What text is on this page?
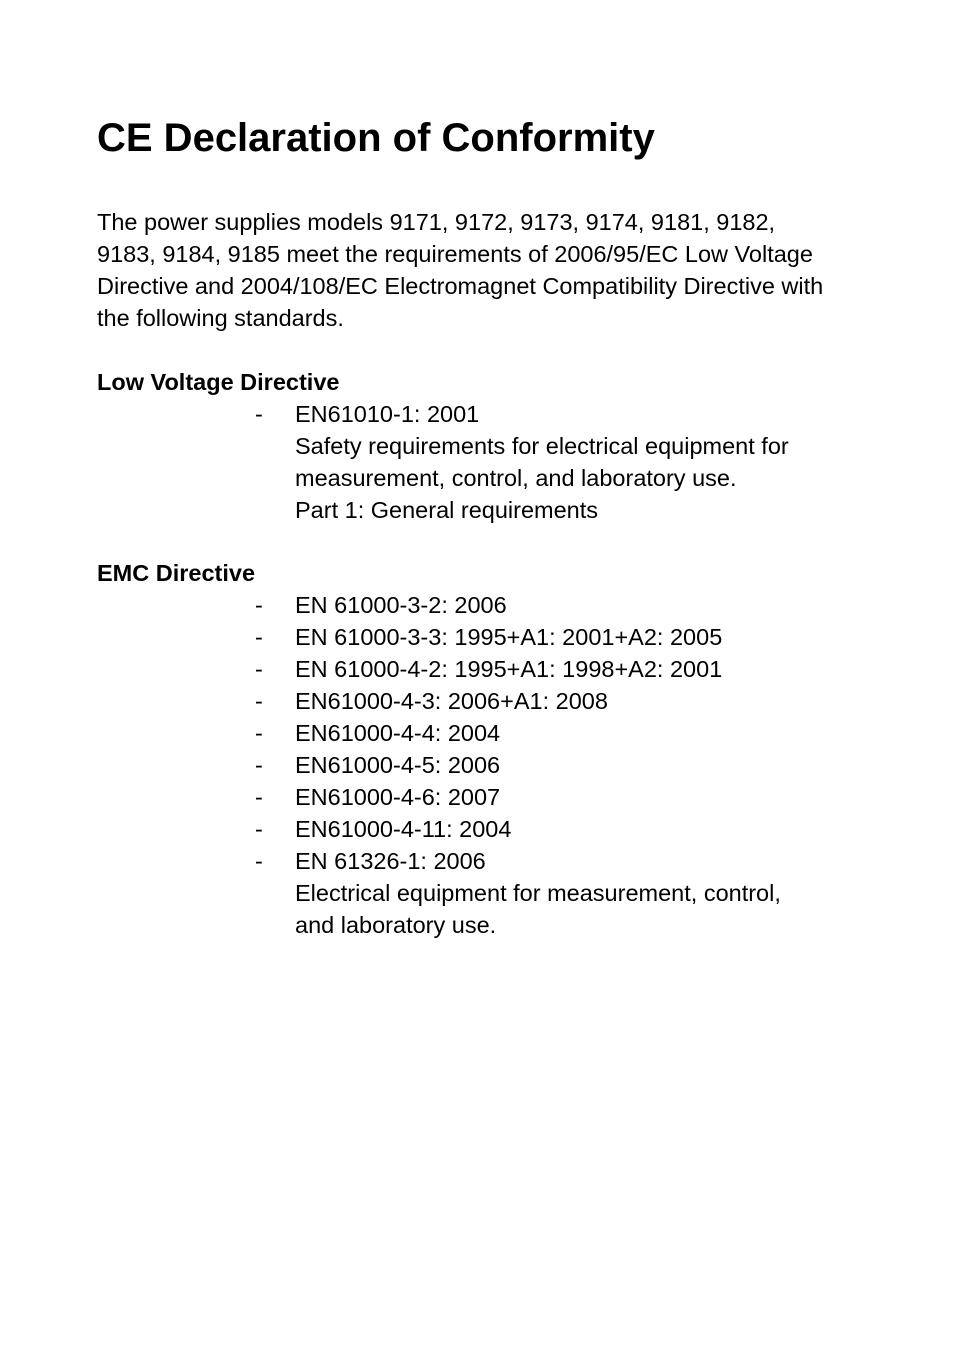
CE Declaration of Conformity

The power supplies models 9171, 9172, 9173, 9174, 9181, 9182, 9183, 9184, 9185 meet the requirements of 2006/95/EC Low Voltage Directive and 2004/108/EC Electromagnet Compatibility Directive with the following standards.

Low Voltage Directive
- EN61010-1: 2001
Safety requirements for electrical equipment for
measurement, control, and laboratory use.
Part 1: General requirements
EMC Directive
- EN 61000-3-2: 2006
- EN 61000-3-3: 1995+A1: 2001+A2: 2005
- EN 61000-4-2: 1995+A1: 1998+A2: 2001
- EN61000-4-3: 2006+A1: 2008
- EN61000-4-4: 2004
- EN61000-4-5: 2006
- EN61000-4-6: 2007
- EN61000-4-11: 2004
- EN 61326-1: 2006
Electrical equipment for measurement, control,
and laboratory use.
